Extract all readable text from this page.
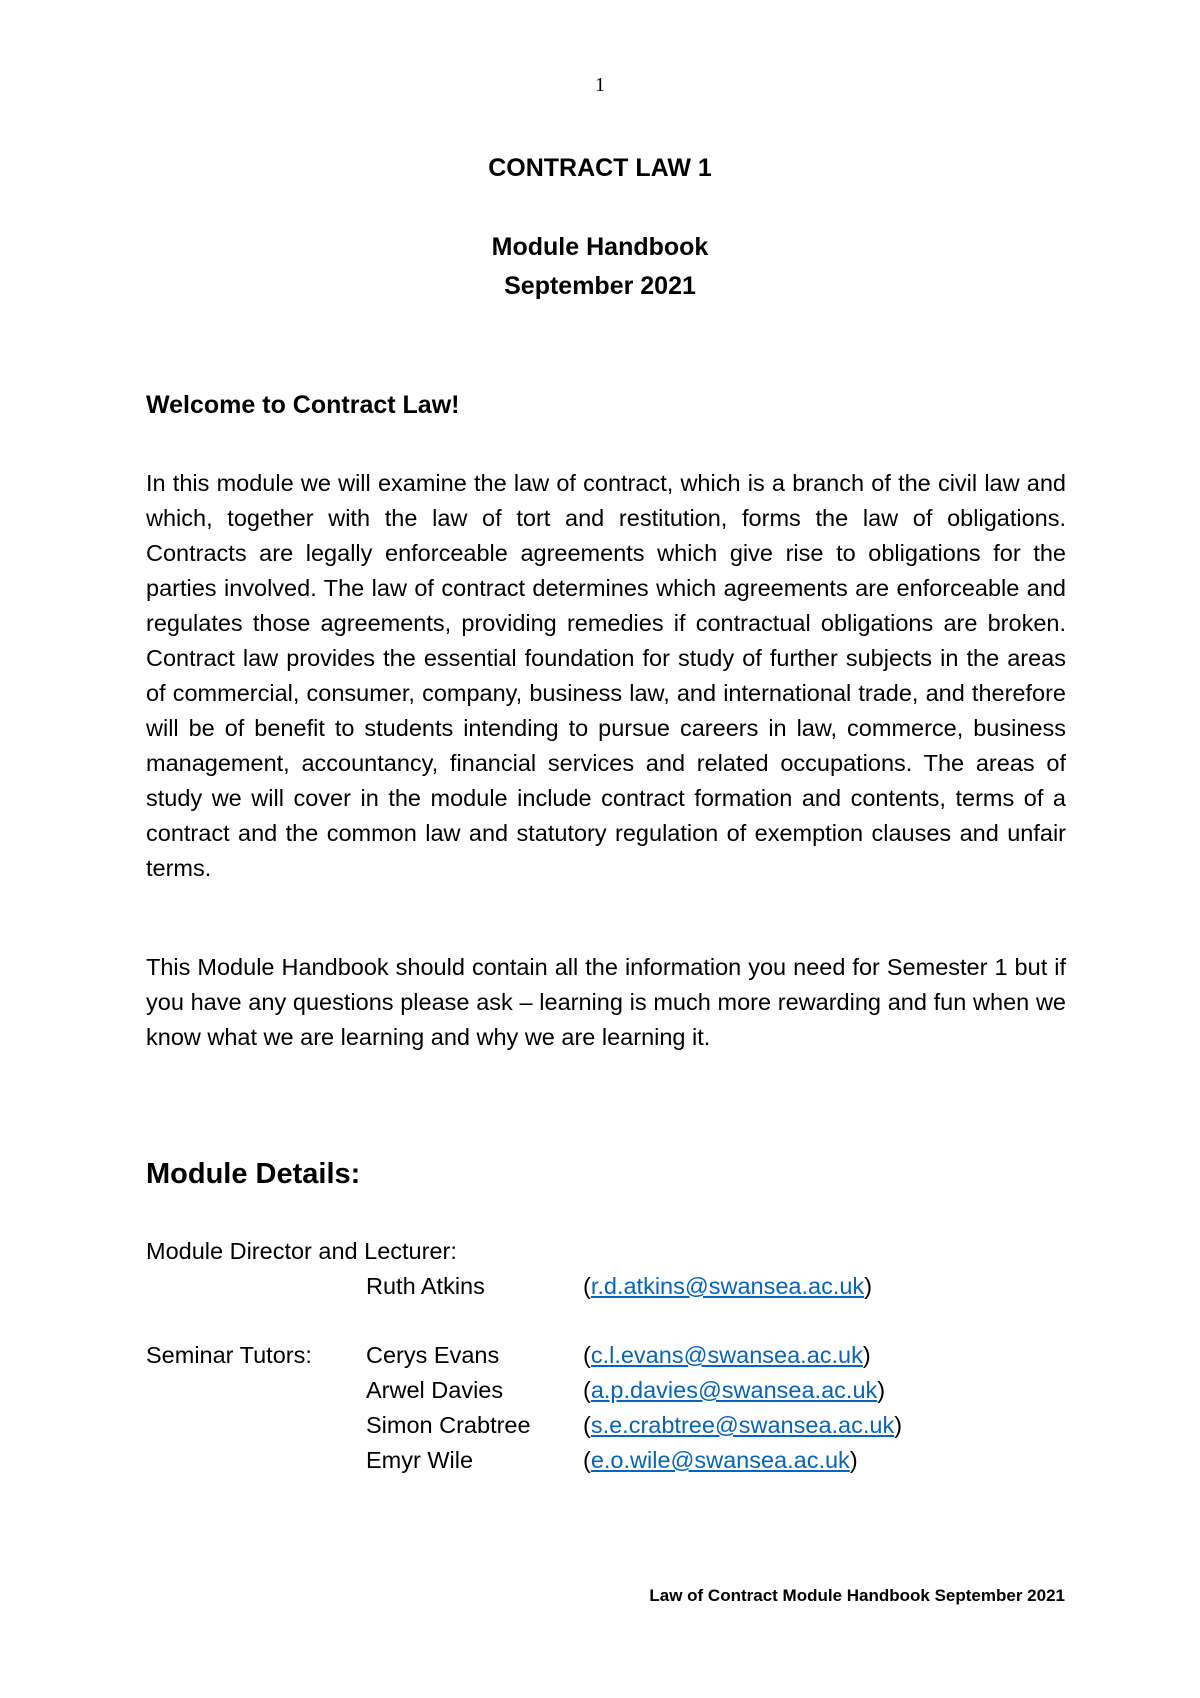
1
CONTRACT LAW 1
Module Handbook
September 2021
Welcome to Contract Law!

In this module we will examine the law of contract, which is a branch of the civil law and which, together with the law of tort and restitution, forms the law of obligations. Contracts are legally enforceable agreements which give rise to obligations for the parties involved. The law of contract determines which agreements are enforceable and regulates those agreements, providing remedies if contractual obligations are broken. Contract law provides the essential foundation for study of further subjects in the areas of commercial, consumer, company, business law, and international trade, and therefore will be of benefit to students intending to pursue careers in law, commerce, business management, accountancy, financial services and related occupations. The areas of study we will cover in the module include contract formation and contents, terms of a contract and the common law and statutory regulation of exemption clauses and unfair terms.

This Module Handbook should contain all the information you need for Semester 1 but if you have any questions please ask – learning is much more rewarding and fun when we know what we are learning and why we are learning it.

Module Details:
Module Director and Lecturer:
Ruth Atkins	(r.d.atkins@swansea.ac.uk)
Seminar Tutors: Cerys Evans	(c.l.evans@swansea.ac.uk)
Arwel Davies	(a.p.davies@swansea.ac.uk)
Simon Crabtree (s.e.crabtree@swansea.ac.uk)
Emyr Wile	(e.o.wile@swansea.ac.uk)
Law of Contract Module Handbook September 2021
